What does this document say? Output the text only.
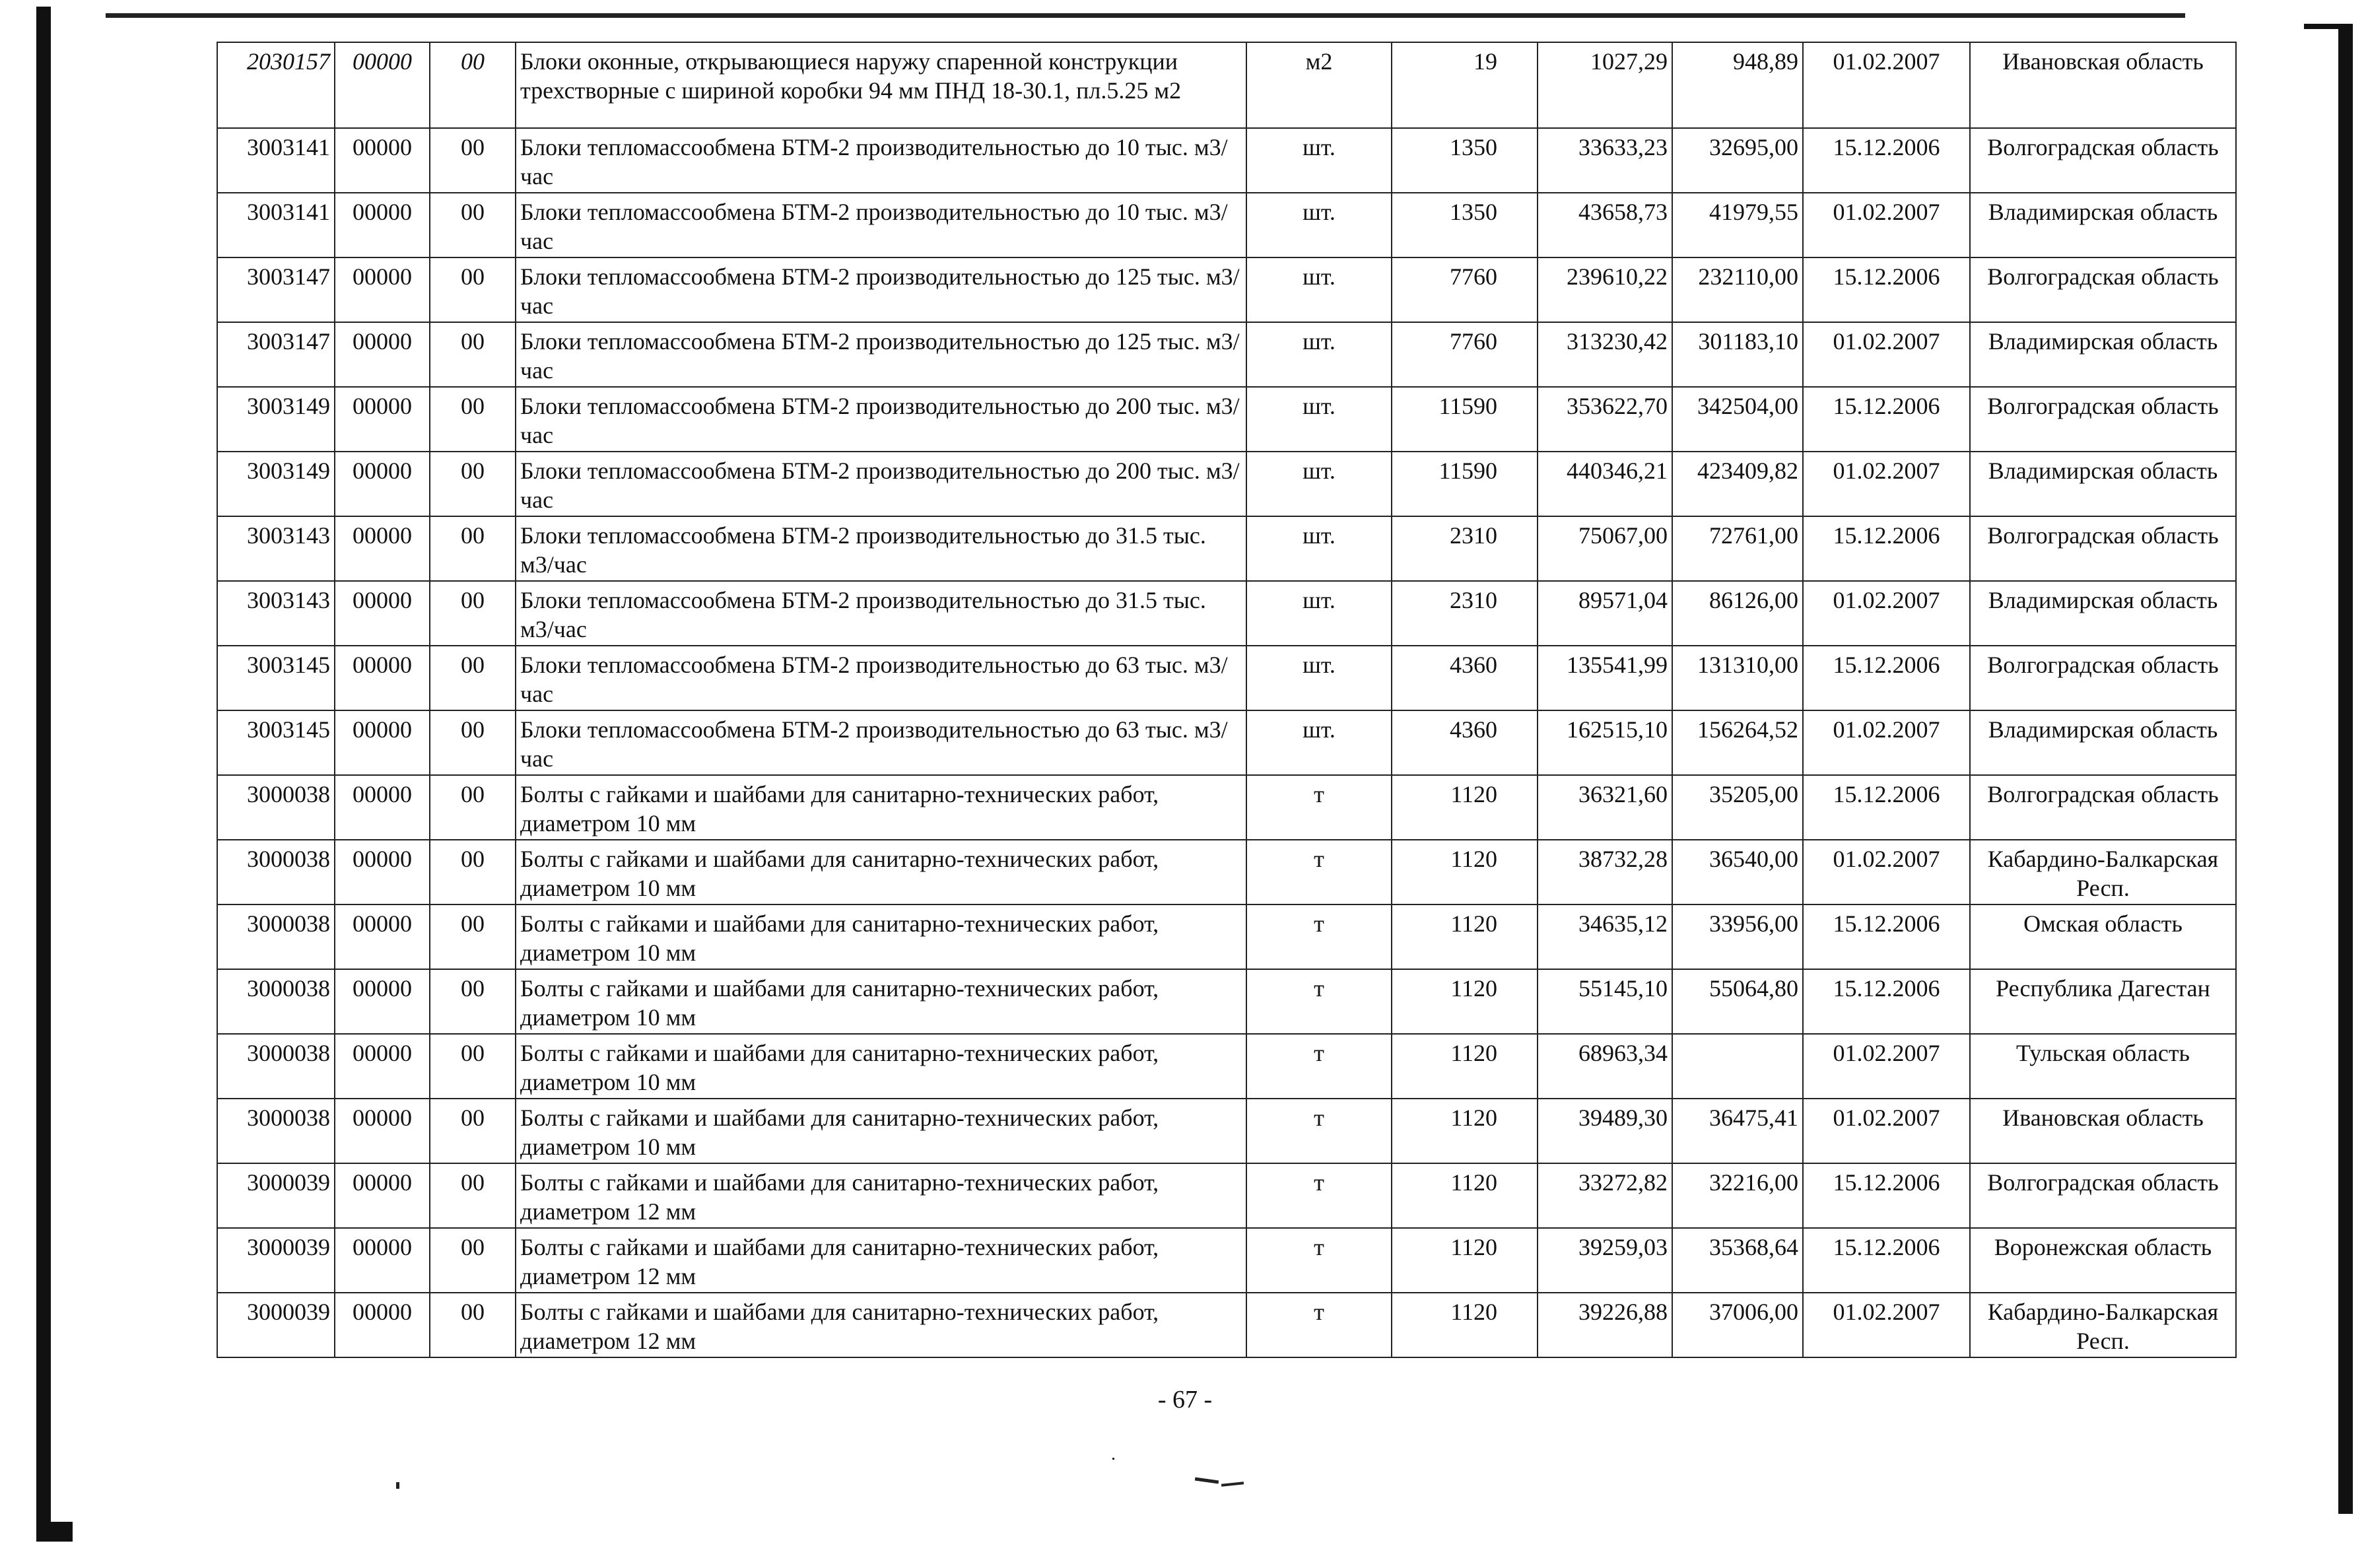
2030157	00000	00	Блоки оконные, открывающиеся наружу спаренной конструкции трехстворные с шириной коробки 94 мм ПНД 18-30.1, пл.5.25 м2	м2	19	1027,29	948,89	01.02.2007	Ивановская область
3003141	00000	00	Блоки тепломассообмена БТМ-2 производительностью до 10 тыс. м3/час	шт.	1350	33633,23	32695,00	15.12.2006	Волгоградская область
3003141	00000	00	Блоки тепломассообмена БТМ-2 производительностью до 10 тыс. м3/час	шт.	1350	43658,73	41979,55	01.02.2007	Владимирская область
3003147	00000	00	Блоки тепломассообмена БТМ-2 производительностью до 125 тыс. м3/час	шт.	7760	239610,22	232110,00	15.12.2006	Волгоградская область
3003147	00000	00	Блоки тепломассообмена БТМ-2 производительностью до 125 тыс. м3/час	шт.	7760	313230,42	301183,10	01.02.2007	Владимирская область
3003149	00000	00	Блоки тепломассообмена БТМ-2 производительностью до 200 тыс. м3/час	шт.	11590	353622,70	342504,00	15.12.2006	Волгоградская область
3003149	00000	00	Блоки тепломассообмена БТМ-2 производительностью до 200 тыс. м3/час	шт.	11590	440346,21	423409,82	01.02.2007	Владимирская область
3003143	00000	00	Блоки тепломассообмена БТМ-2 производительностью до 31.5 тыс. м3/час	шт.	2310	75067,00	72761,00	15.12.2006	Волгоградская область
3003143	00000	00	Блоки тепломассообмена БТМ-2 производительностью до 31.5 тыс. м3/час	шт.	2310	89571,04	86126,00	01.02.2007	Владимирская область
3003145	00000	00	Блоки тепломассообмена БТМ-2 производительностью до 63 тыс. м3/час	шт.	4360	135541,99	131310,00	15.12.2006	Волгоградская область
3003145	00000	00	Блоки тепломассообмена БТМ-2 производительностью до 63 тыс. м3/час	шт.	4360	162515,10	156264,52	01.02.2007	Владимирская область
3000038	00000	00	Болты с гайками и шайбами для санитарно-технических работ, диаметром 10 мм	т	1120	36321,60	35205,00	15.12.2006	Волгоградская область
3000038	00000	00	Болты с гайками и шайбами для санитарно-технических работ, диаметром 10 мм	т	1120	38732,28	36540,00	01.02.2007	Кабардино-Балкарская Респ.
3000038	00000	00	Болты с гайками и шайбами для санитарно-технических работ, диаметром 10 мм	т	1120	34635,12	33956,00	15.12.2006	Омская область
3000038	00000	00	Болты с гайками и шайбами для санитарно-технических работ, диаметром 10 мм	т	1120	55145,10	55064,80	15.12.2006	Республика Дагестан
3000038	00000	00	Болты с гайками и шайбами для санитарно-технических работ, диаметром 10 мм	т	1120	68963,34		01.02.2007	Тульская область
3000038	00000	00	Болты с гайками и шайбами для санитарно-технических работ, диаметром 10 мм	т	1120	39489,30	36475,41	01.02.2007	Ивановская область
3000039	00000	00	Болты с гайками и шайбами для санитарно-технических работ, диаметром 12 мм	т	1120	33272,82	32216,00	15.12.2006	Волгоградская область
3000039	00000	00	Болты с гайками и шайбами для санитарно-технических работ, диаметром 12 мм	т	1120	39259,03	35368,64	15.12.2006	Воронежская область
3000039	00000	00	Болты с гайками и шайбами для санитарно-технических работ, диаметром 12 мм	т	1120	39226,88	37006,00	01.02.2007	Кабардино-Балкарская Респ.
- 67 -
